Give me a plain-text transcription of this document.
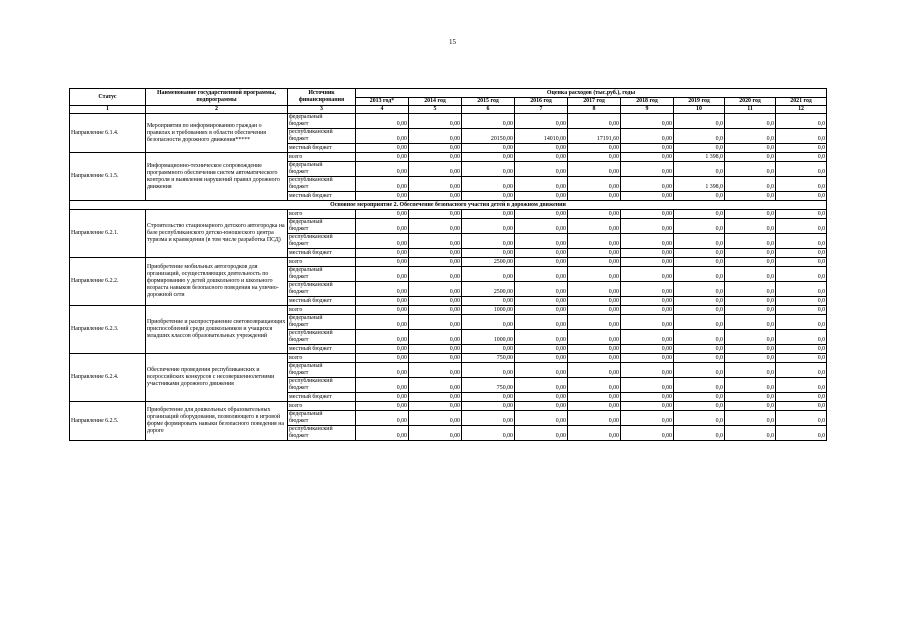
15
Статус	Наименование государственной программы, подпрограммы	Источник финансирования	Оценка расходов (тыс.руб.), годы								
			2013 год*	2014 год	2015 год	2016 год	2017 год	2018 год	2019 год	2020 год	2021 год
1	2	3	4	5	6	7	8	9	10	11	12
Направление 6.1.4.	Мероприятия по информированию граждан о правилах и требованиях в области обеспечения безопасности дорожного движения*****	федеральный
бюджет	0,00	0,00	0,00	0,00	0,00	0,00	0,0	0,0	0,0

		республиканский
бюджет	0,00	0,00	20150,00	14010,00	17191,60	0,00	0,0	0,0	0,0

		местный бюджет	0,00	0,00	0,00	0,00	0,00	0,00	0,0	0,0	0,0
Направление 6.1.5.	Информационно-техническое сопровождение программного обеспечения систем автоматического контроля и выявления нарушений правил дорожного движения	всего	0,00	0,00	0,00	0,00	0,00	0,00	1 398,0	0,0	0,0

		федеральный
бюджет	0,00	0,00	0,00	0,00	0,00	0,00	0,0	0,0	0,0

		республиканский
бюджет	0,00	0,00	0,00	0,00	0,00	0,00	1 398,0	0,0	0,0

		местный бюджет	0,00	0,00	0,00	0,00	0,00	0,00	0,0	0,0	0,0
Основное мероприятие 2. Обеспечение безопасного участия детей в дорожном движении											
Направление 6.2.1.	Строительство стационарного детского автогородка на базе республиканского детско-юношеского центра туризма и краеведения (в том числе разработка ПСД)	всего	0,00	0,00	0,00	0,00	0,00	0,00	0,0	0,0	0,0

		федеральный
бюджет	0,00	0,00	0,00	0,00	0,00	0,00	0,0	0,0	0,0

		республиканский
бюджет	0,00	0,00	0,00	0,00	0,00	0,00	0,0	0,0	0,0

		местный бюджет	0,00	0,00	0,00	0,00	0,00	0,00	0,0	0,0	0,0
Направление 6.2.2.	Приобретение мобильных автогородков для организаций, осуществляющих деятельность по формированию у детей дошкольного и школьного возраста навыков безопасного поведения на улично-дорожной сети	всего	0,00	0,00	2500,00	0,00	0,00	0,00	0,0	0,0	0,0

		федеральный
бюджет	0,00	0,00	0,00	0,00	0,00	0,00	0,0	0,0	0,0

		республиканский
бюджет	0,00	0,00	2500,00	0,00	0,00	0,00	0,0	0,0	0,0

		местный бюджет	0,00	0,00	0,00	0,00	0,00	0,00	0,0	0,0	0,0
Направление 6.2.3.	Приобретение и распространение световозвращающих приспособлений среди дошкольников и учащихся младших классов образовательных учреждений	всего	0,00	0,00	1000,00	0,00	0,00	0,00	0,0	0,0	0,0

		федеральный
бюджет	0,00	0,00	0,00	0,00	0,00	0,00	0,0	0,0	0,0

		республиканский
бюджет	0,00	0,00	1000,00	0,00	0,00	0,00	0,0	0,0	0,0

		местный бюджет	0,00	0,00	0,00	0,00	0,00	0,00	0,0	0,0	0,0
Направление 6.2.4.	Обеспечение проведения республиканских и всероссийских конкурсов с несовершеннолетними участниками дорожного движения	всего	0,00	0,00	750,00	0,00	0,00	0,00	0,0	0,0	0,0

		федеральный
бюджет	0,00	0,00	0,00	0,00	0,00	0,00	0,0	0,0	0,0

		республиканский
бюджет	0,00	0,00	750,00	0,00	0,00	0,00	0,0	0,0	0,0

		местный бюджет	0,00	0,00	0,00	0,00	0,00	0,00	0,0	0,0	0,0
Направление 6.2.5.	Приобретение для дошкольных образовательных организаций оборудования, позволяющего в игровой форме формировать навыки безопасного поведения на дороге	всего	0,00	0,00	0,00	0,00	0,00	0,00	0,0	0,0	0,0

		федеральный
бюджет	0,00	0,00	0,00	0,00	0,00	0,00	0,0	0,0	0,0

		республиканский
бюджет	0,00	0,00	0,00	0,00	0,00	0,00	0,0	0,0	0,0
